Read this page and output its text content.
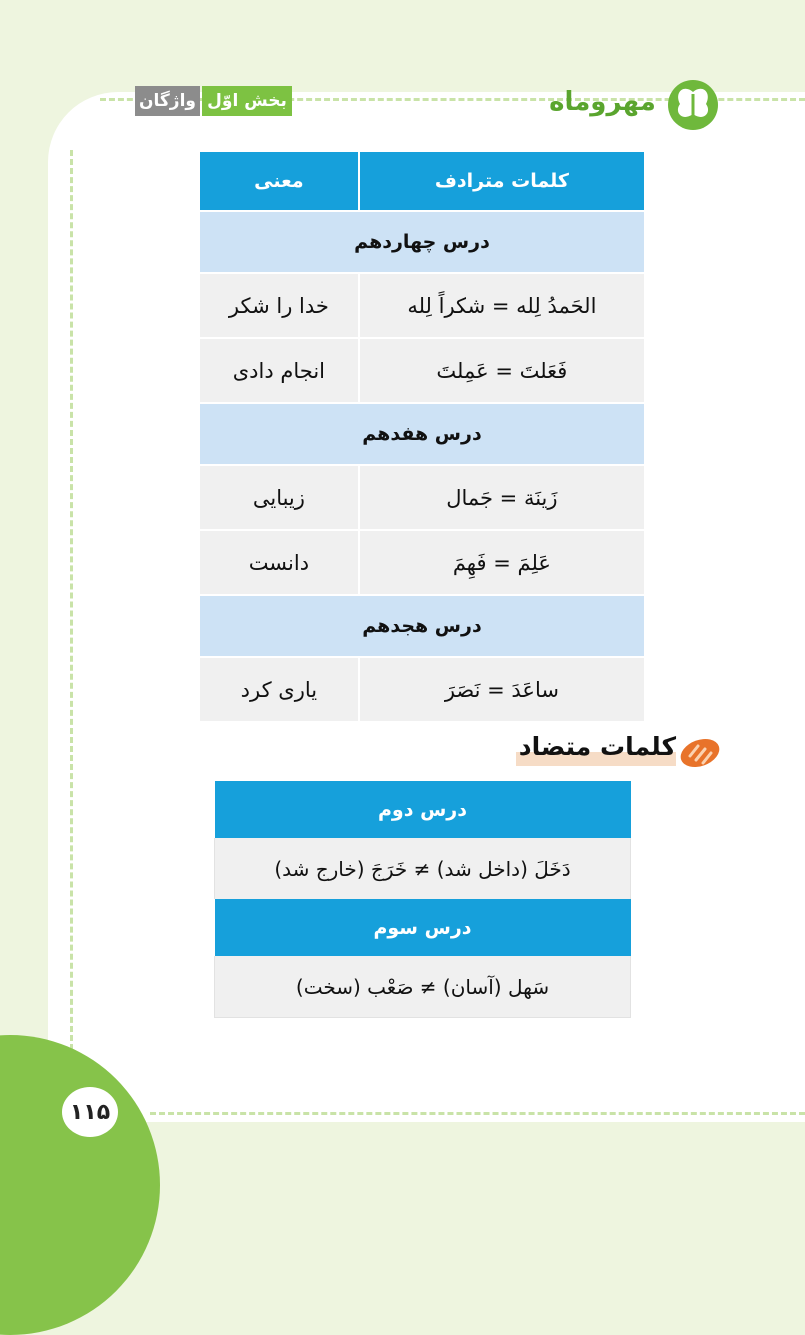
۱۱۵
واژگان بخش اوّل	مهروماه
کلمات مترادف	معنی
درس چهاردهم	
الحَمدُ لِله = شکراً لِله	خدا را شکر
فَعَلتَ = عَمِلتَ	انجام دادی
درس هفدهم	
زَینَة = جَمال	زیبایی
عَلِمَ = فَهِمَ	دانست
درس هجدهم	
ساعَدَ = نَصَرَ	یاری کرد
کلمات متضاد
درس دوم
دَخَلَ (داخل شد) ≠ خَرَجَ (خارج شد)
درس سوم
سَهل (آسان) ≠ صَعْب (سخت)
